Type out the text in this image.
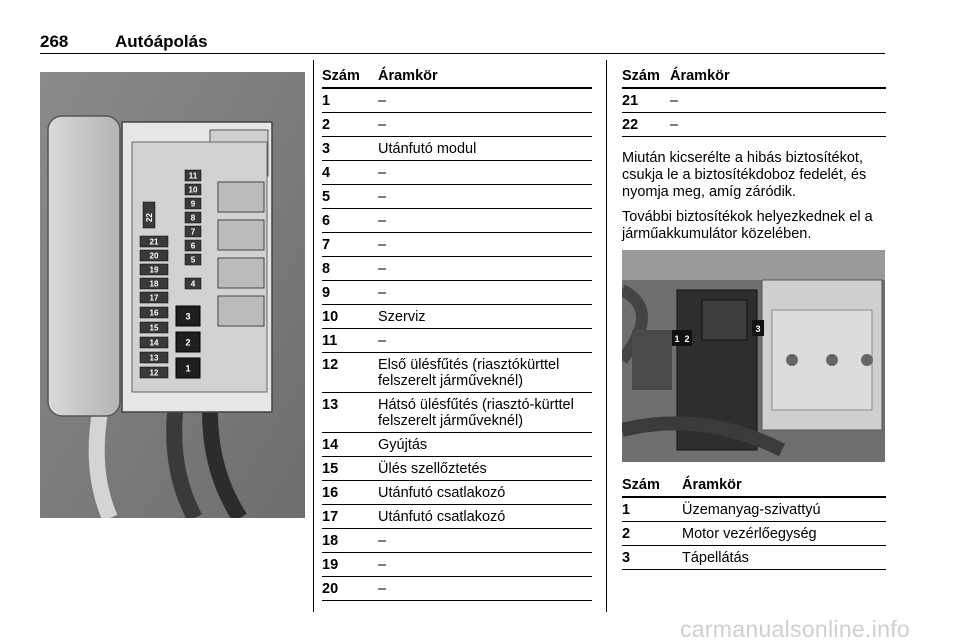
268	Autóápolás
11
10
9
8
7
6
5
4
22
21
20
19
18
17
16
15
14
13
12
3
2
1
Szám Áramkör
1	–
2	–
3	Utánfutó modul
4	–
5	–
6	–
7	–
8	–
9	–
10	Szerviz
11	–
12	Első ülésfűtés (riasztókürttel felszerelt járműveknél)
13	Hátsó ülésfűtés (riasztó-kürttel felszerelt járműveknél)
14	Gyújtás
15	Ülés szellőztetés
16	Utánfutó csatlakozó
17	Utánfutó csatlakozó
18	–
19	–
20	–
Szám Áramkör
21	–
22	–

Miután kicserélte a hibás biztosítékot, csukja le a biztosítékdoboz fedelét, és nyomja meg, amíg záródik.

További biztosítékok helyezkednek el a járműakkumulátor közelében.

1 2
3
Szám Áramkör
1	Üzemanyag-szivattyú
2	Motor vezérlőegység
3	Tápellátás
carmanualsonline.info
